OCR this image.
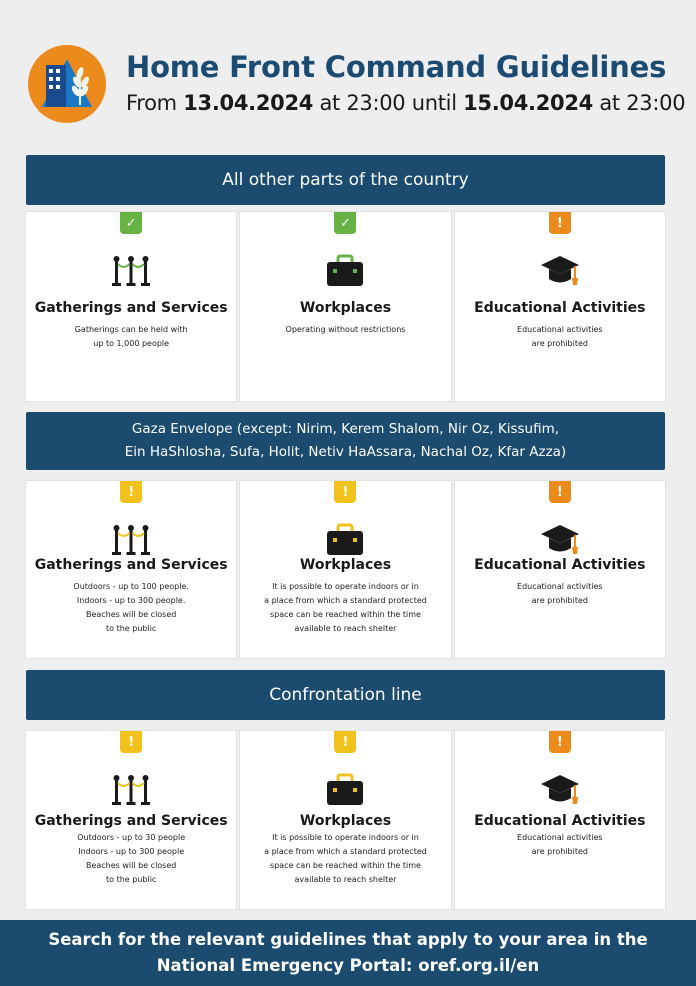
Home Front Command Guidelines
From 13.04.2024 at 23:00 until 15.04.2024 at 23:00
All other parts of the country
✓
Gatherings and Services
Gatherings can be held with
up to 1,000 people
✓
Workplaces
Operating without restrictions
!
Educational Activities
Educational activities
are prohibited
Gaza Envelope (except: Nirim, Kerem Shalom, Nir Oz, Kissufim,
Ein HaShlosha, Sufa, Holit, Netiv HaAssara, Nachal Oz, Kfar Azza)
!
Gatherings and Services
Outdoors - up to 100 people.
Indoors - up to 300 people.
Beaches will be closed
to the public
!
Workplaces
It is possible to operate indoors or in
a place from which a standard protected
space can be reached within the time
available to reach shelter
!
Educational Activities
Educational activities
are prohibited
Confrontation line
!
Gatherings and Services
Outdoors - up to 30 people
Indoors - up to 300 people
Beaches will be closed
to the public
!
Workplaces
It is possible to operate indoors or in
a place from which a standard protected
space can be reached within the time
available to reach shelter
!
Educational Activities
Educational activities
are prohibited
Search for the relevant guidelines that apply to your area in the
National Emergency Portal: oref.org.il/en
